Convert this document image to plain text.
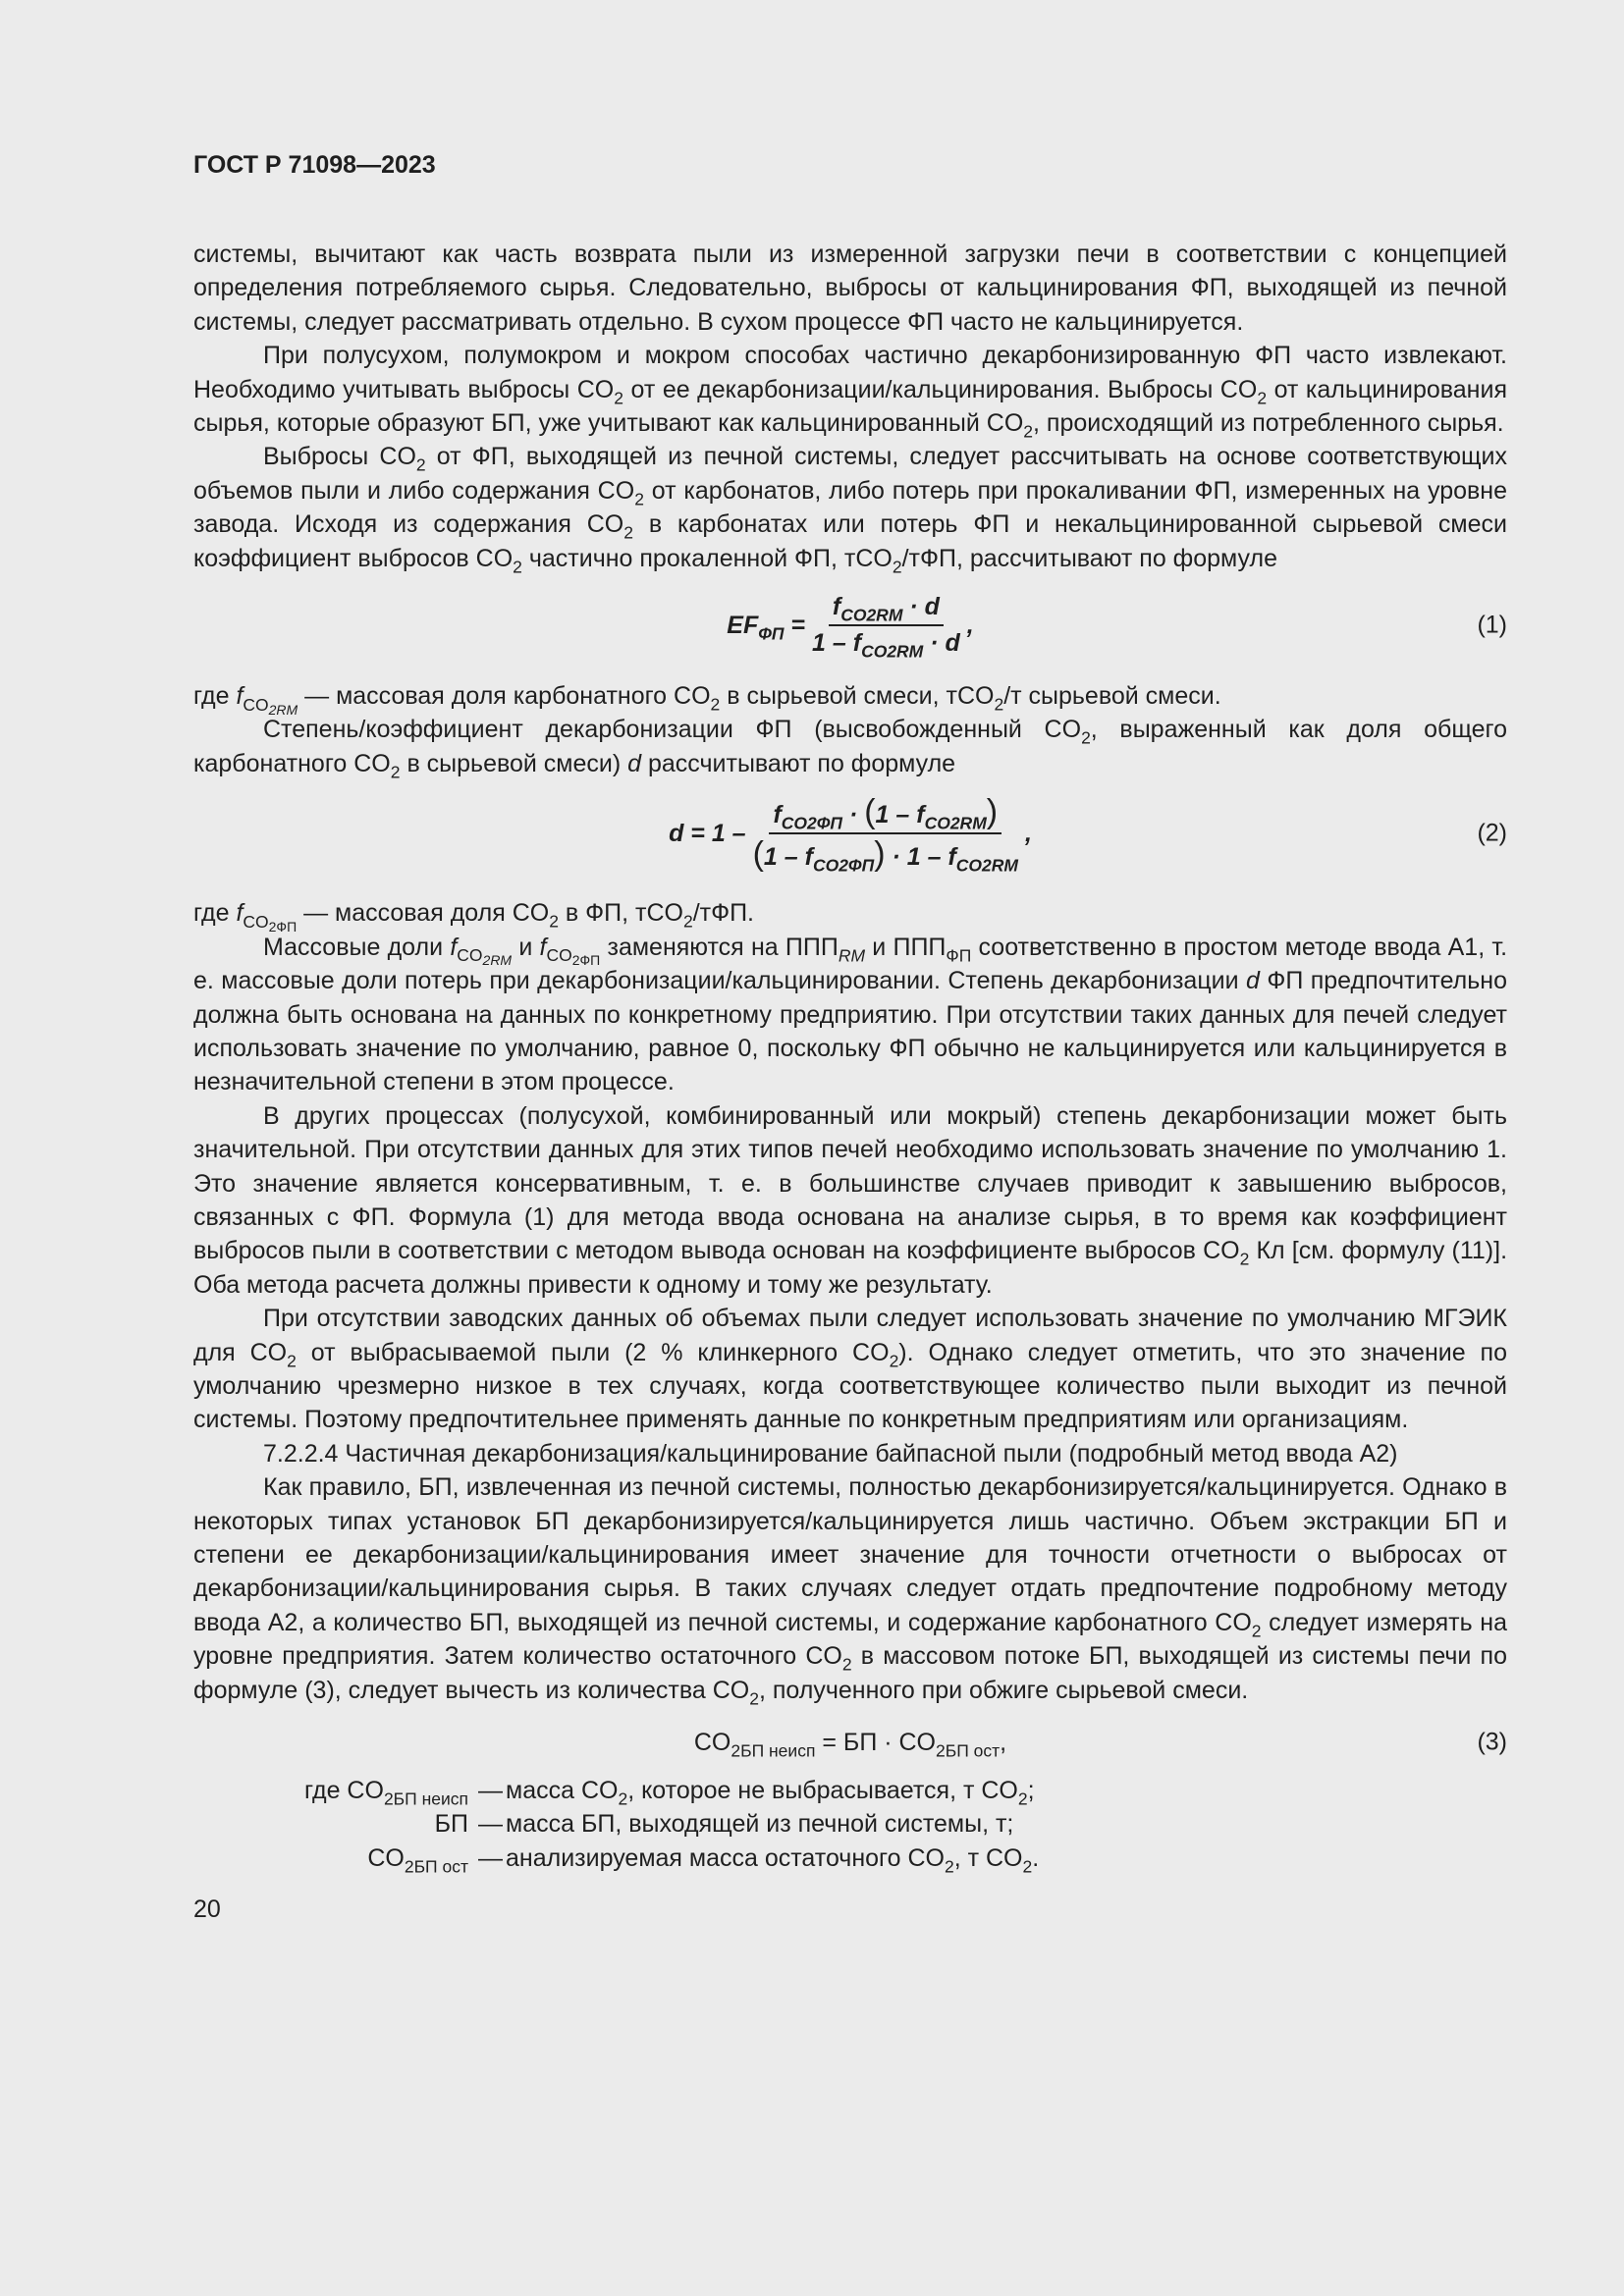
ГОСТ Р 71098—2023

системы, вычитают как часть возврата пыли из измеренной загрузки печи в соответствии с концепцией определения потребляемого сырья. Следовательно, выбросы от кальцинирования ФП, выходящей из печной системы, следует рассматривать отдельно. В сухом процессе ФП часто не кальцинируется.

При полусухом, полумокром и мокром способах частично декарбонизированную ФП часто извлекают. Необходимо учитывать выбросы $CO_2$ от ее декарбонизации/кальцинирования. Выбросы $CO_2$ от кальцинирования сырья, которые образуют БП, уже учитывают как кальцинированный $CO_2$, происходящий из потребленного сырья.

Выбросы $CO_2$ от ФП, выходящей из печной системы, следует рассчитывать на основе соответствующих объемов пыли и либо содержания $CO_2$ от карбонатов, либо потерь при прокаливании ФП, измеренных на уровне завода. Исходя из содержания $CO_2$ в карбонатах или потерь ФП и некальцинированной сырьевой смеси коэффициент выбросов $CO_2$ частично прокаленной ФП, тCO$_2$/тФП, рассчитывают по формуле

$EF_{ФП} = \frac{f_{CO2RM} \cdot d}{1 - f_{CO2RM} \cdot d}$ ,	(1)

где $f_{CO_{2RM}}$ — массовая доля карбонатного $CO_2$ в сырьевой смеси, тCO$_2$/т сырьевой смеси.

Степень/коэффициент декарбонизации ФП (высвобожденный $CO_2$, выраженный как доля общего карбонатного $CO_2$ в сырьевой смеси) d рассчитывают по формуле

$d = 1 - \frac{f_{CO2ФП} \cdot (1 - f_{CO2RM})}{(1 - f_{CO2ФП}) \cdot 1 - f_{CO2RM}}$ ,	(2)

где $f_{CO_{2ФП}}$ — массовая доля $CO_2$ в ФП, тCO$_2$/тФП.

Массовые доли $f_{CO_{2RM}}$ и $f_{CO_{2ФП}}$ заменяются на $ППП_{RM}$ и $ППП_{ФП}$ соответственно в простом методе ввода А1, т. е. массовые доли потерь при декарбонизации/кальцинировании. Степень декарбонизации d ФП предпочтительно должна быть основана на данных по конкретному предприятию. При отсутствии таких данных для печей следует использовать значение по умолчанию, равное 0, поскольку ФП обычно не кальцинируется или кальцинируется в незначительной степени в этом процессе.

В других процессах (полусухой, комбинированный или мокрый) степень декарбонизации может быть значительной. При отсутствии данных для этих типов печей необходимо использовать значение по умолчанию 1. Это значение является консервативным, т. е. в большинстве случаев приводит к завышению выбросов, связанных с ФП. Формула (1) для метода ввода основана на анализе сырья, в то время как коэффициент выбросов пыли в соответствии с методом вывода основан на коэффициенте выбросов $CO_2$ Кл [см. формулу (11)]. Оба метода расчета должны привести к одному и тому же результату.

При отсутствии заводских данных об объемах пыли следует использовать значение по умолчанию МГЭИК для $CO_2$ от выбрасываемой пыли (2 % клинкерного $CO_2$). Однако следует отметить, что это значение по умолчанию чрезмерно низкое в тех случаях, когда соответствующее количество пыли выходит из печной системы. Поэтому предпочтительнее применять данные по конкретным предприятиям или организациям.

7.2.2.4 Частичная декарбонизация/кальцинирование байпасной пыли (подробный метод ввода А2)

Как правило, БП, извлеченная из печной системы, полностью декарбонизируется/кальцинируется. Однако в некоторых типах установок БП декарбонизируется/кальцинируется лишь частично. Объем экстракции БП и степени ее декарбонизации/кальцинирования имеет значение для точности отчетности о выбросах от декарбонизации/кальцинирования сырья. В таких случаях следует отдать предпочтение подробному методу ввода А2, а количество БП, выходящей из печной системы, и содержание карбонатного $CO_2$ следует измерять на уровне предприятия. Затем количество остаточного $CO_2$ в массовом потоке БП, выходящей из системы печи по формуле (3), следует вычесть из количества $CO_2$, полученного при обжиге сырьевой смеси.

$CO_{2БП неисп}$ = БП · $CO_{2БП ост}$,	(3)
где $CO_{2БП неисп}$ — масса $CO_2$, которое не выбрасывается, т $CO_2$;
БП — масса БП, выходящей из печной системы, т;
$CO_{2БП ост}$ — анализируемая масса остаточного $CO_2$, т $CO_2$.
20
